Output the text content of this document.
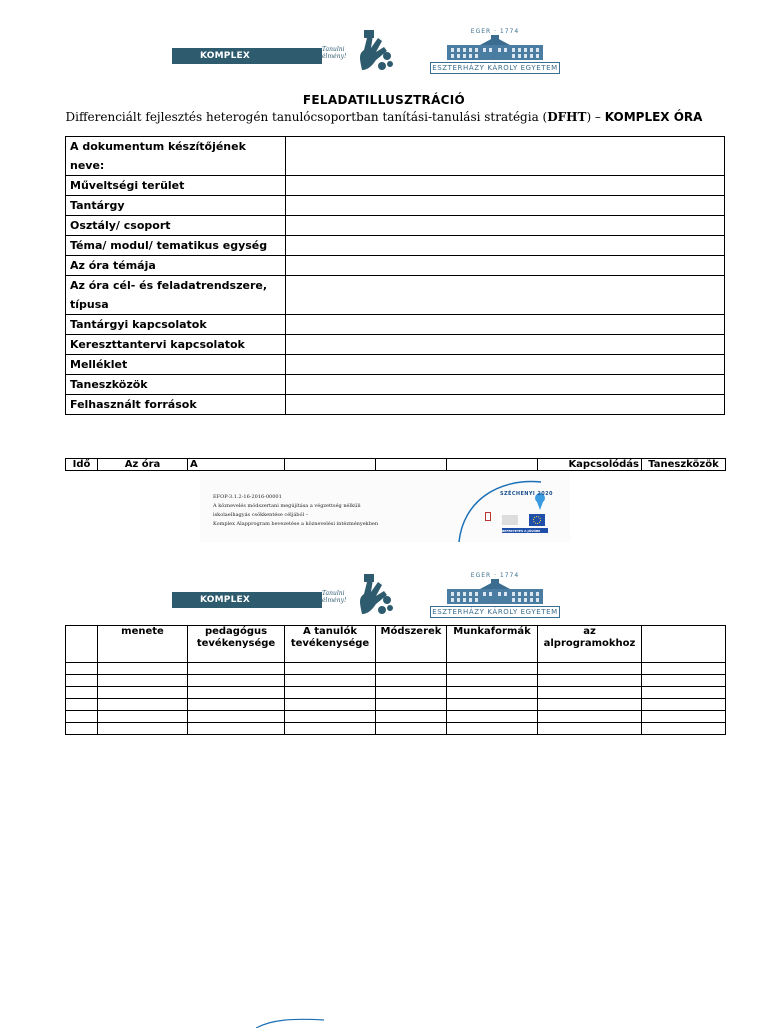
KOMPLEX ALAPPROGRAM
Tanulni élmény!
EGER · 1774
ESZTERHÁZY KÁROLY EGYETEM
FELADATILLUSZTRÁCIÓ
Differenciált fejlesztés heterogén tanulócsoportban tanítási-tanulási stratégia (DFHT) – KOMPLEX ÓRA
A dokumentum készítőjének neve:	
Műveltségi terület	
Tantárgy	
Osztály/ csoport	
Téma/ modul/ tematikus egység	
Az óra témája	
Az óra cél- és feladatrendszere, típusa	
Tantárgyi kapcsolatok	
Kereszttantervi kapcsolatok	
Melléklet	
Taneszközök	
Felhasznált források	
Idő	Az óra	A				Kapcsolódás	Taneszközök
EFOP-3.1.2-16-2016-00001
A köznevelés módszertani megújítása a végzettség nélküli
iskolaelhagyás csökkentése céljából –
Komplex Alapprogram bevezetése a köznevelési intézményekben
SZÉCHENYI 2020
BEFEKTETÉS A JÖVŐBE
KOMPLEX ALAPPROGRAM
Tanulni élmény!
EGER · 1774
ESZTERHÁZY KÁROLY EGYETEM
	menete	pedagógus tevékenysége	A tanulók tevékenysége	Módszerek	Munkaformák	az alprogramokhoz	
